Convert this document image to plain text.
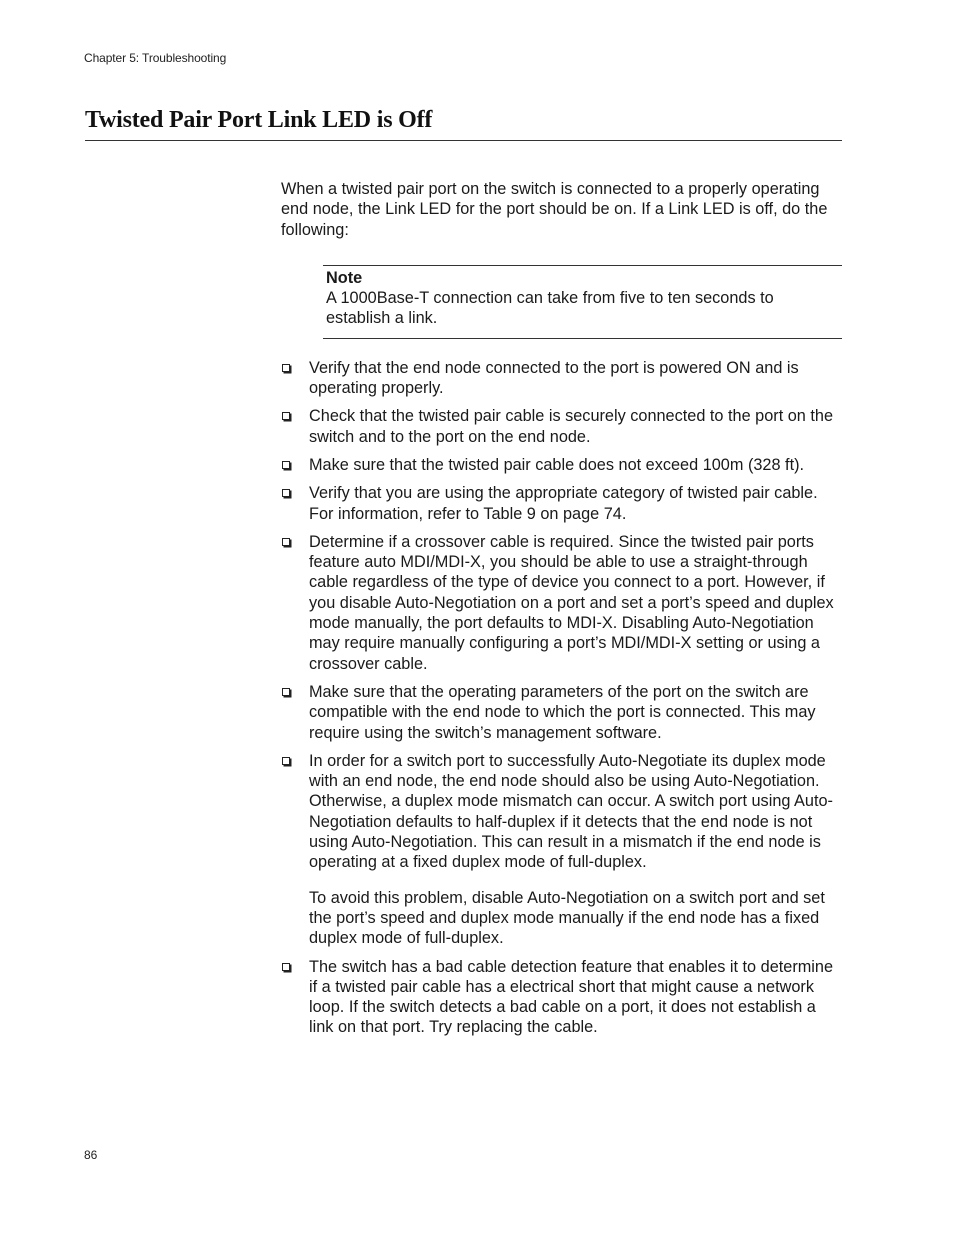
Chapter 5: Troubleshooting
Twisted Pair Port Link LED is Off

When a twisted pair port on the switch is connected to a properly operating end node, the Link LED for the port should be on. If a Link LED is off, do the following:

Note

A 1000Base-T connection can take from five to ten seconds to establish a link.

Verify that the end node connected to the port is powered ON and is operating properly.

Check that the twisted pair cable is securely connected to the port on the switch and to the port on the end node.

Make sure that the twisted pair cable does not exceed 100m (328 ft).

Verify that you are using the appropriate category of twisted pair cable. For information, refer to Table 9 on page 74.

Determine if a crossover cable is required. Since the twisted pair ports feature auto MDI/MDI-X, you should be able to use a straight-through cable regardless of the type of device you connect to a port. However, if you disable Auto-Negotiation on a port and set a port’s speed and duplex mode manually, the port defaults to MDI-X. Disabling Auto-Negotiation may require manually configuring a port’s MDI/MDI-X setting or using a crossover cable.

Make sure that the operating parameters of the port on the switch are compatible with the end node to which the port is connected. This may require using the switch’s management software.

In order for a switch port to successfully Auto-Negotiate its duplex mode with an end node, the end node should also be using Auto-Negotiation. Otherwise, a duplex mode mismatch can occur. A switch port using Auto-Negotiation defaults to half-duplex if it detects that the end node is not using Auto-Negotiation. This can result in a mismatch if the end node is operating at a fixed duplex mode of full-duplex.

To avoid this problem, disable Auto-Negotiation on a switch port and set the port’s speed and duplex mode manually if the end node has a fixed duplex mode of full-duplex.

The switch has a bad cable detection feature that enables it to determine if a twisted pair cable has a electrical short that might cause a network loop. If the switch detects a bad cable on a port, it does not establish a link on that port. Try replacing the cable.

86
